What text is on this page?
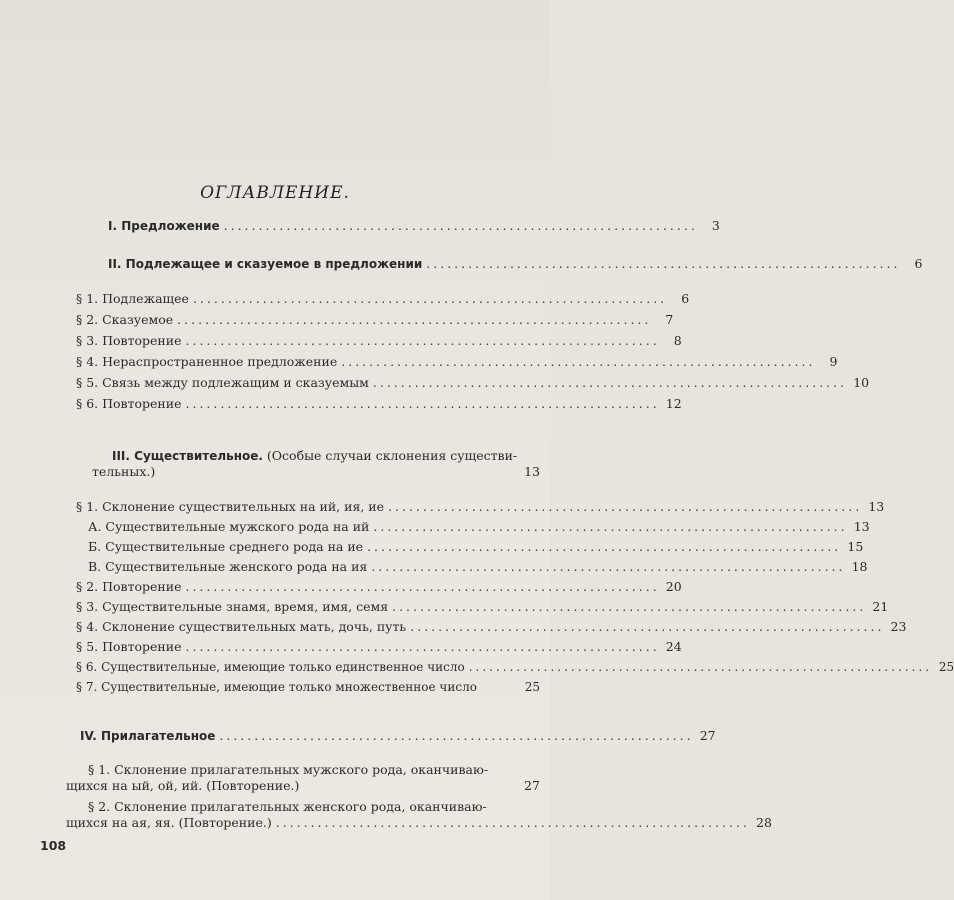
ОГЛАВЛЕНИЕ.
I. Предложение ....................................................................	3
II. Подлежащее и сказуемое в предложении ....................................................................	6
§ 1. Подлежащее ....................................................................	6
§ 2. Сказуемое ....................................................................	7
§ 3. Повторение ....................................................................	8
§ 4. Нераспространенное предложение ....................................................................	9
§ 5. Связь между подлежащим и сказуемым .................................................................... 10
§ 6. Повторение .................................................................... 12
III. Существительное. (Особые случаи склонения существи-
тельных.)	13
§ 1. Склонение существительных на ий, ия, ие .................................................................... 13
А. Существительные мужского рода на ий .................................................................... 13
Б. Существительные среднего рода на ие .................................................................... 15
В. Существительные женского рода на ия .................................................................... 18
§ 2. Повторение .................................................................... 20
§ 3. Существительные знамя, время, имя, семя .................................................................... 21
§ 4. Склонение существительных мать, дочь, путь .................................................................... 23
§ 5. Повторение .................................................................... 24
§ 6. Существительные, имеющие только единственное число .................................................................... 25
§ 7. Существительные, имеющие только множественное число	25
IV. Прилагательное .................................................................... 27
§ 1. Склонение прилагательных мужского рода, оканчиваю-
щихся на ый, ой, ий. (Повторение.)	27
§ 2. Склонение прилагательных женского рода, оканчиваю-
щихся на ая, яя. (Повторение.) .................................................................... 28
108
